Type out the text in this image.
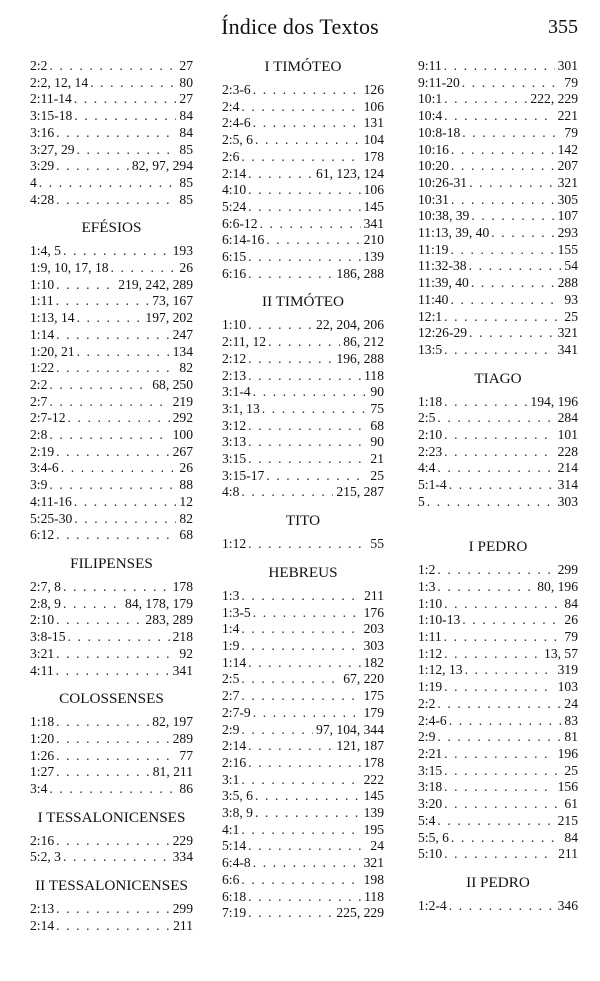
Índice dos Textos	355
2:2 . . .	27
2:2, 12, 14 . . .	80
2:11-14 . . .	27
3:15-18 . . .	84
3:16 . . .	84
3:27, 29 . . .	85
3:29 . . .	82, 97, 294
4 . . .	85
4:28 . . .	85
EFÉSIOS
1:4, 5 . . .	193
1:9, 10, 17, 18 . . .	26
1:10 . . .	219, 242, 289
1:11 . . .	73, 167
1:13, 14 . . .	197, 202
1:14 . . .	247
1:20, 21 . . .	134
1:22 . . .	82
2:2 . . .	68, 250
2:7 . . .	219
2:7-12 . . .	292
2:8 . . .	100
2:19 . . .	267
3:4-6 . . .	26
3:9 . . .	88
4:11-16 . . .	12
5:25-30 . . .	82
6:12 . . .	68
FILIPENSES
2:7, 8 . . .	178
2:8, 9 . . .	84, 178, 179
2:10 . . .	283, 289
3:8-15 . . .	218
3:21 . . .	92
4:11 . . .	341
COLOSSENSES
1:18 . . .	82, 197
1:20 . . .	289
1:26 . . .	77
1:27 . . .	81, 211
3:4 . . .	86
I TESSALONICENSES
2:16 . . .	229
5:2, 3 . . .	334
II TESSALONICENSES
2:13 . . .	299
2:14 . . .	211
I TIMÓTEO
2:3-6 . . .	126
2:4 . . .	106
2:4-6 . . .	131
2:5, 6 . . .	104
2:6 . . .	178
2:14 . . .	61, 123, 124
4:10 . . .	106
5:24 . . .	145
6:6-12 . . .	341
6:14-16 . . .	210
6:15 . . .	139
6:16 . . .	186, 288
II TIMÓTEO
1:10 . . .	22, 204, 206
2:11, 12 . . .	86, 212
2:12 . . .	196, 288
2:13 . . .	118
3:1-4 . . .	90
3:1, 13 . . .	75
3:12 . . .	68
3:13 . . .	90
3:15 . . .	21
3:15-17 . . .	25
4:8 . . .	215, 287
TITO
1:12 . . .	55
HEBREUS
1:3 . . .	211
1:3-5 . . .	176
1:4 . . .	203
1:9 . . .	303
1:14 . . .	182
2:5 . . .	67, 220
2:7 . . .	175
2:7-9 . . .	179
2:9 . . .	97, 104, 344
2:14 . . .	121, 187
2:16 . . .	178
3:1 . . .	222
3:5, 6 . . .	145
3:8, 9 . . .	139
4:1 . . .	195
5:14 . . .	24
6:4-8 . . .	321
6:6 . . .	198
6:18 . . .	118
7:19 . . .	225, 229
9:11 . . .	301
9:11-20 . . .	79
10:1 . . .	222, 229
10:4 . . .	221
10:8-18 . . .	79
10:16 . . .	142
10:20 . . .	207
10:26-31 . . .	321
10:31 . . .	305
10:38, 39 . . .	107
11:13, 39, 40 . . .	293
11:19 . . .	155
11:32-38 . . .	54
11:39, 40 . . .	288
11:40 . . .	93
12:1 . . .	25
12:26-29 . . .	321
13:5 . . .	341
TIAGO
1:18 . . .	194, 196
2:5 . . .	284
2:10 . . .	101
2:23 . . .	228
4:4 . . .	214
5:1-4 . . .	314
5 . . .	303
I PEDRO
1:2 . . .	299
1:3 . . .	80, 196
1:10 . . .	84
1:10-13 . . .	26
1:11 . . .	79
1:12 . . .	13, 57
1:12, 13 . . .	319
1:19 . . .	103
2:2 . . .	24
2:4-6 . . .	83
2:9 . . .	81
2:21 . . .	196
3:15 . . .	25
3:18 . . .	156
3:20 . . .	61
5:4 . . .	215
5:5, 6 . . .	84
5:10 . . .	211
II PEDRO
1:2-4 . . .	346
